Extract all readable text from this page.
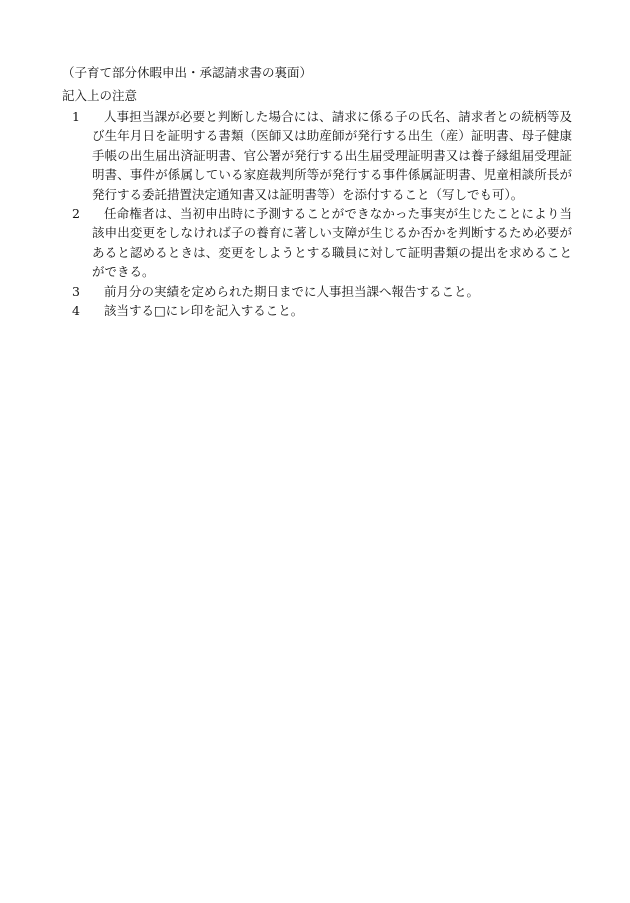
（子育て部分休暇申出・承認請求書の裏面）
記入上の注意
1	人事担当課が必要と判断した場合には、請求に係る子の氏名、請求者との続柄等及び生年月日を証明する書類（医師又は助産師が発行する出生（産）証明書、母子健康手帳の出生届出済証明書、官公署が発行する出生届受理証明書又は養子縁組届受理証明書、事件が係属している家庭裁判所等が発行する事件係属証明書、児童相談所長が発行する委託措置決定通知書又は証明書等）を添付すること（写しでも可）。
2	任命権者は、当初申出時に予測することができなかった事実が生じたことにより当該申出変更をしなければ子の養育に著しい支障が生じるか否かを判断するため必要があると認めるときは、変更をしようとする職員に対して証明書類の提出を求めることができる。
3	前月分の実績を定められた期日までに人事担当課へ報告すること。
4	該当する□にレ印を記入すること。
